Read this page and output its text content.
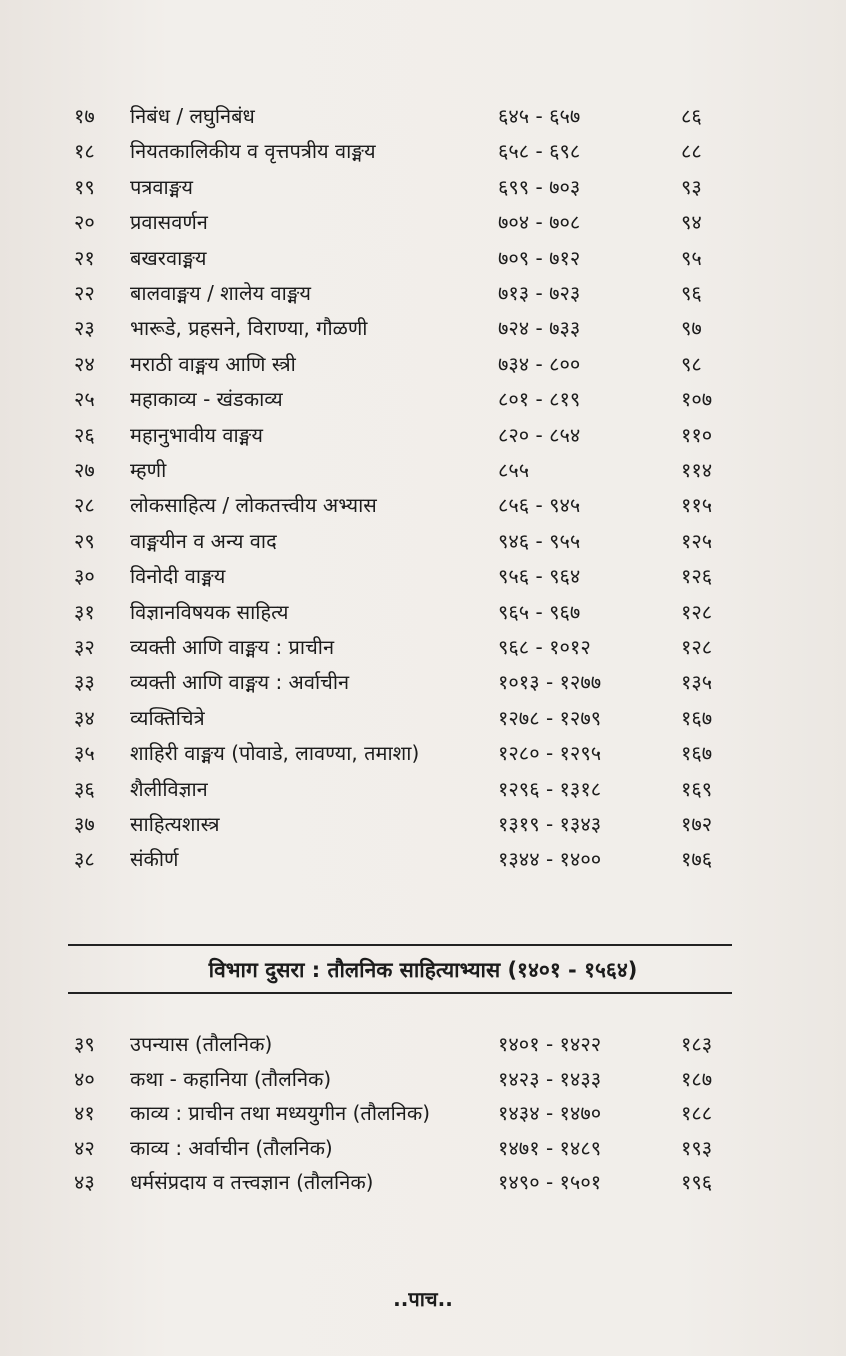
१७ निबंध / लघुनिबंध	६४५ - ६५७	८६
१८ नियतकालिकीय व वृत्तपत्रीय वाङ्मय	६५८ - ६९८	८८
१९ पत्रवाङ्मय	६९९ - ७०३	९३
२० प्रवासवर्णन	७०४ - ७०८	९४
२१ बखरवाङ्मय	७०९ - ७१२	९५
२२ बालवाङ्मय / शालेय वाङ्मय	७१३ - ७२३	९६
२३ भारूडे, प्रहसने, विराण्या, गौळणी	७२४ - ७३३	९७
२४ मराठी वाङ्मय आणि स्त्री	७३४ - ८००	९८
२५ महाकाव्य - खंडकाव्य	८०१ - ८१९	१०७
२६ महानुभावीय वाङ्मय	८२० - ८५४	११०
२७ म्हणी	८५५	११४
२८ लोकसाहित्य / लोकतत्त्वीय अभ्यास	८५६ - ९४५	११५
२९ वाङ्मयीन व अन्य वाद	९४६ - ९५५	१२५
३० विनोदी वाङ्मय	९५६ - ९६४	१२६
३१ विज्ञानविषयक साहित्य	९६५ - ९६७	१२८
३२ व्यक्ती आणि वाङ्मय : प्राचीन	९६८ - १०१२	१२८
३३ व्यक्ती आणि वाङ्मय : अर्वाचीन	१०१३ - १२७७	१३५
३४ व्यक्तिचित्रे	१२७८ - १२७९	१६७
३५ शाहिरी वाङ्मय (पोवाडे, लावण्या, तमाशा)	१२८० - १२९५	१६७
३६ शैलीविज्ञान	१२९६ - १३१८	१६९
३७ साहित्यशास्त्र	१३१९ - १३४३	१७२
३८ संकीर्ण	१३४४ - १४००	१७६
विभाग दुसरा : तौलनिक साहित्याभ्यास (१४०१ - १५६४)
३९ उपन्यास (तौलनिक)	१४०१ - १४२२	१८३
४० कथा - कहानिया (तौलनिक)	१४२३ - १४३३	१८७
४१ काव्य : प्राचीन तथा मध्ययुगीन (तौलनिक)	१४३४ - १४७०	१८८
४२ काव्य : अर्वाचीन (तौलनिक)	१४७१ - १४८९	१९३
४३ धर्मसंप्रदाय व तत्त्वज्ञान (तौलनिक)	१४९० - १५०१	१९६
..पाच..
